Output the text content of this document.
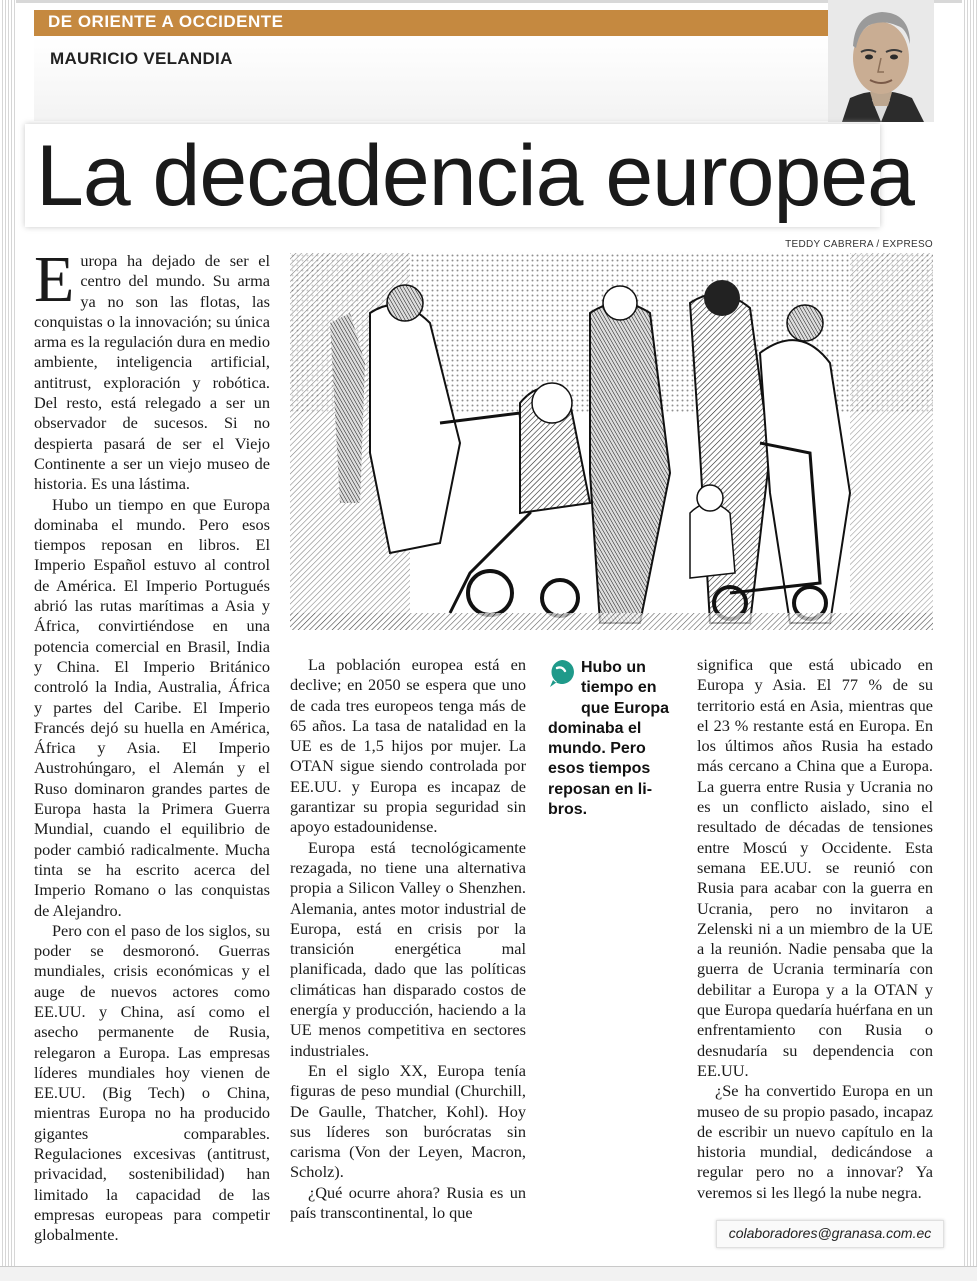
DE ORIENTE A OCCIDENTE
MAURICIO VELANDIA
La decadencia europea
TEDDY CABRERA / EXPRESO

Europa ha dejado de ser el centro del mundo. Su arma ya no son las flotas, las conquistas o la innovación; su única arma es la regulación dura en medio ambiente, inteligencia artificial, antitrust, exploración y robótica. Del resto, está relegado a ser un observador de sucesos. Si no despierta pasará de ser el Viejo Continente a ser un viejo museo de historia. Es una lástima.

Hubo un tiempo en que Europa dominaba el mundo. Pero esos tiempos reposan en libros. El Imperio Español estuvo al control de América. El Imperio Portugués abrió las rutas marítimas a Asia y África, convirtiéndose en una potencia comercial en Brasil, India y China. El Imperio Británico controló la India, Australia, África y partes del Caribe. El Imperio Francés dejó su huella en América, África y Asia. El Imperio Austrohúngaro, el Alemán y el Ruso dominaron grandes partes de Europa hasta la Primera Guerra Mundial, cuando el equilibrio de poder cambió radicalmente. Mucha tinta se ha escrito acerca del Imperio Romano o las conquistas de Alejandro.

Pero con el paso de los siglos, su poder se desmoronó. Guerras mundiales, crisis económicas y el auge de nuevos actores como EE.UU. y China, así como el asecho permanente de Rusia, relegaron a Europa. Las empresas líderes mundiales hoy vienen de EE.UU. (Big Tech) o China, mientras Europa no ha producido gigantes comparables. Regulaciones excesivas (antitrust, privacidad, sostenibilidad) han limitado la capacidad de las empresas europeas para competir globalmente.

La población europea está en declive; en 2050 se espera que uno de cada tres europeos tenga más de 65 años. La tasa de natalidad en la UE es de 1,5 hijos por mujer. La OTAN sigue siendo controlada por EE.UU. y Europa es incapaz de garantizar su propia seguridad sin apoyo estadounidense.

Europa está tecnológicamente rezagada, no tiene una alternativa propia a Silicon Valley o Shenzhen. Alemania, antes motor industrial de Europa, está en crisis por la transición energética mal planificada, dado que las políticas climáticas han disparado costos de energía y producción, haciendo a la UE menos competitiva en sectores industriales.

En el siglo XX, Europa tenía figuras de peso mundial (Churchill, De Gaulle, Thatcher, Kohl). Hoy sus líderes son burócratas sin carisma (Von der Leyen, Macron, Scholz).

¿Qué ocurre ahora? Rusia es un país transcontinental, lo que

Hubo un
tiempo en
que Europa
dominaba el
mundo. Pero
esos tiempos
reposan en li-
bros.

significa que está ubicado en Europa y Asia. El 77 % de su territorio está en Asia, mientras que el 23 % restante está en Europa. En los últimos años Rusia ha estado más cercano a China que a Europa. La guerra entre Rusia y Ucrania no es un conflicto aislado, sino el resultado de décadas de tensiones entre Moscú y Occidente. Esta semana EE.UU. se reunió con Rusia para acabar con la guerra en Ucrania, pero no invitaron a Zelenski ni a un miembro de la UE a la reunión. Nadie pensaba que la guerra de Ucrania terminaría con debilitar a Europa y a la OTAN y que Europa quedaría huérfana en un enfrentamiento con Rusia o desnudaría su dependencia con EE.UU.

¿Se ha convertido Europa en un museo de su propio pasado, incapaz de escribir un nuevo capítulo en la historia mundial, dedicándose a regular pero no a innovar? Ya veremos si les llegó la nube negra.

colaboradores@granasa.com.ec
